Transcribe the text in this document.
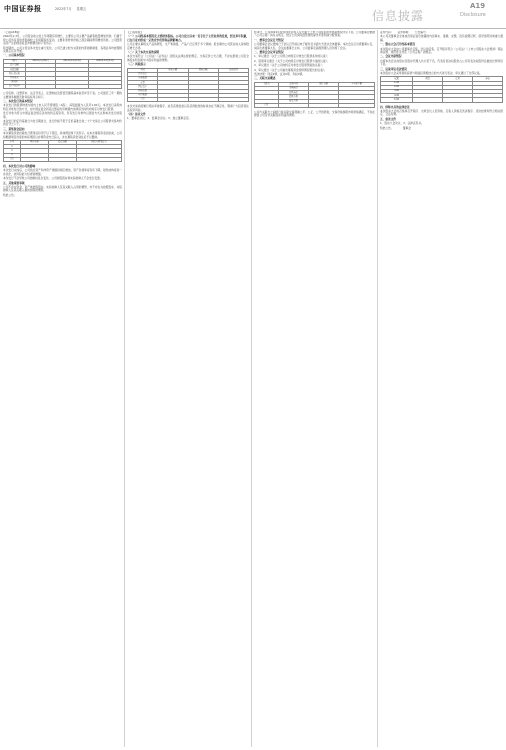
中国证券报	2022年7月 星期五	信息披露
A19
Disclosure

（上接A18版）

2022年1-3月，公司营业收入较上年同期有所增长，主要系公司主要产品销售数量增加所致；归属于母公司所有者的净利润较上年同期有所变动，主要系原材料价格上涨及期间费用增加所致。公司经营活动产生的现金流量净额情况如下表所示。

报告期内，公司主营业务未发生重大变化。公司已建立较为完善的内部控制制度，各项业务均按照相关规定有序开展。

一、公司基本情况

项目	2022年3月31日	2021年12月31日	2020年12月31日
资产总额			
负债总额			
所有者权益			
营业收入			
净利润			
资产负债率			

公司名称、注册资本、法定代表人、注册地址及经营范围等基本信息详见下表。公司最近三年一期的主要财务数据及财务指标列示如下。

二、本次发行的基本情况

本次发行的股票种类为境内上市人民币普通股（A股），每股面值为人民币1.00元。本次发行采用向特定对象发行的方式，在中国证监会同意注册后的有效期内选择适当时机向特定对象发行股票。

发行对象为符合中国证监会规定条件的特定投资者，所有发行对象均以现金方式认购本次发行的股票。

本次发行的定价基准日为发行期首日，发行价格不低于定价基准日前二十个交易日公司股票交易均价的百分之八十。

三、募集资金投向

本次募集资金扣除发行费用后将用于以下项目，具体情况如下表所示。在本次募集资金到位前，公司将根据项目进度的实际情况以自筹资金先行投入，并在募集资金到位后予以置换。

序号	项目名称	投资总额	拟投入募集资金
1			
2			
3			
合计			

四、本次发行对公司的影响

本次发行完成后，公司的总资产和净资产规模将相应增加，资产负债率将有所下降，财务结构将进一步优化，抗风险能力将得到增强。

本次发行不会导致公司控制权发生变化。公司控股股东和实际控制人不会发生变更。

五、其他重要事项

公司不存在资金、资产被控股股东、实际控制人及其关联人占用的情形，亦不存在为控股股东、实际控制人及其关联人提供担保的情形。

特此公告。

【上接前版】

（一）公司的基本情况及主要财务指标。公司自设立以来一直专注于主营业务的发展，经过多年积累，已在行业内形成一定的竞争优势和品牌影响力。

公司主要从事相关产品的研发、生产和销售，产品广泛应用于多个领域。报告期内公司营业收入保持稳定增长态势。

（二）关于本次交易的说明

本次交易符合《公司法》《证券法》及相关法律法规的规定，交易定价公允合理，不存在损害公司及全体股东特别是中小股东利益的情形。

（三）风险提示

科目	期末余额	期初余额	变动比例
货币资金			
应收账款			
存货			
固定资产			
短期借款			
应付账款			
合计			

本次交易尚需履行相关审批程序，能否获得批准以及获得批准的时间存在不确定性，敬请广大投资者注意投资风险。

（四）备查文件

1、董事会决议；2、监事会决议；3、独立董事意见。

经审计，公司2021年度实现营业收入及归属于上市公司股东的净利润情况详见下表。公司董事会根据《公司章程》的有关规定，结合公司实际经营情况提出年度利润分配预案。

一、董事会会议召开情况

公司董事会会议通知已于会议召开前以电子邮件及书面方式送达全体董事。本次会议应出席董事九名，实际出席董事九名，会议由董事长主持，公司监事及高级管理人员列席了会议。

二、董事会会议审议情况

1、审议通过《关于公司符合向特定对象发行股票条件的议案》；

2、逐项审议通过《关于公司向特定对象发行股票方案的议案》；

3、审议通过《关于公司向特定对象发行股票预案的议案》；

4、审议通过《关于公司前次募集资金使用情况报告的议案》。

表决结果：同意9票，反对0票，弃权0票。

三、关联交易概述

关联方	交易内容	预计金额	上年发生额
	采购商品		
	销售商品		
	提供劳务		
	接受劳务		
合计			

公司与关联方之间的日常关联交易遵循公平、公正、公开的原则，交易价格参照市场价格确定，不存在损害公司及非关联股东利益的情形。

证券代码：　　证券简称：　　公告编号：

本公司及董事会全体成员保证信息披露的内容真实、准确、完整，没有虚假记载、误导性陈述或重大遗漏。

一、股东大会召开的基本情况

本次股东大会由公司董事会召集，会议的召集、召开程序符合《公司法》《上市公司股东大会规则》等法律法规、规范性文件及《公司章程》的规定。

二、会议出席情况

出席本次会议的股东及股东代理人共计若干名，代表有表决权股份占公司有表决权股份总数的比例详见下表。

三、议案审议表决情况

本次股东大会采用现场投票与网络投票相结合的方式进行表决，审议通过了全部议案。

议案	同意	反对	弃权
1.00			
2.00			
3.00			
4.00			
5.00			

四、律师出具的法律意见

本次股东大会的召集和召开程序、出席会议人员资格、召集人资格及表决程序、表决结果均符合相关规定，合法有效。

五、备查文件

1、股东大会决议；2、法律意见书。

特此公告。　　　　董事会
